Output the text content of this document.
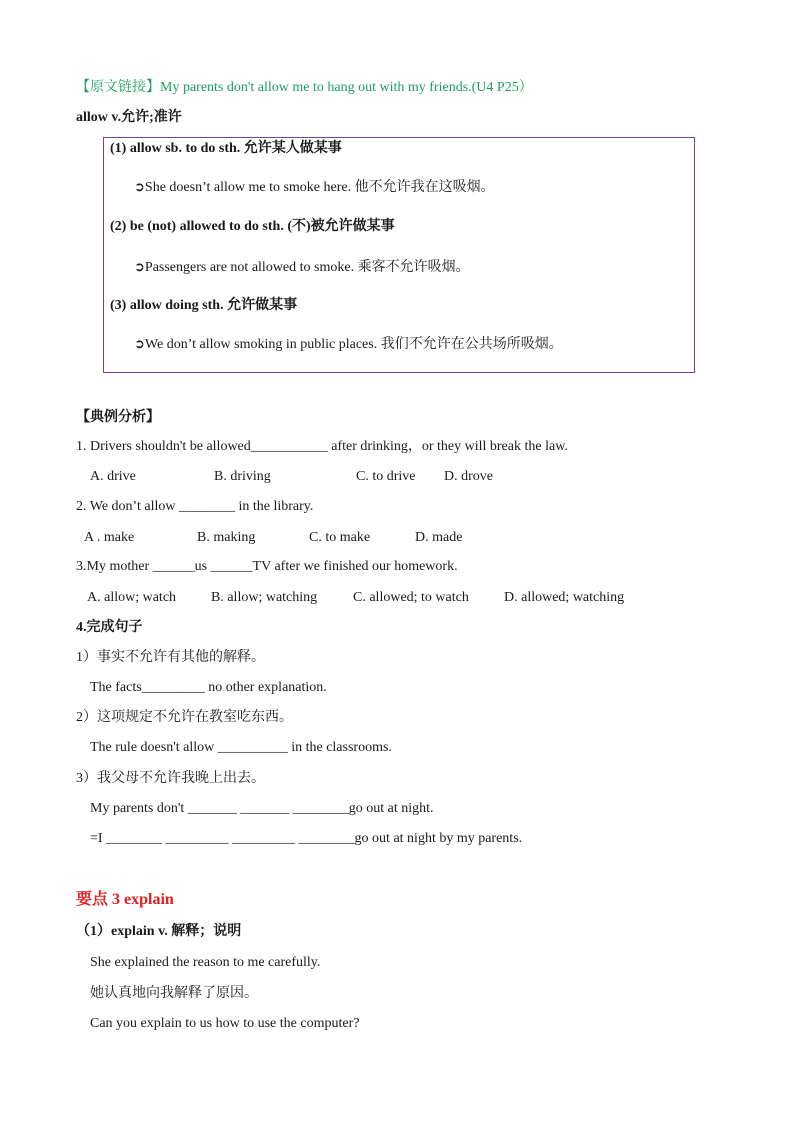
【原文链接】My parents don't allow me to hang out with my friends.(U4 P25）
allow v.允许;准许
(1) allow sb. to do sth. 允许某人做某事
➲She doesn’t allow me to smoke here. 他不允许我在这吸烟。
(2) be (not) allowed to do sth. (不)被允许做某事
➲Passengers are not allowed to smoke. 乘客不允许吸烟。
(3) allow doing sth. 允许做某事
➲We don’t allow smoking in public places. 我们不允许在公共场所吸烟。
【典例分析】
1. Drivers shouldn't be allowed___________ after drinking，or they will break the law.
A. drive	B. driving	C. to drive D. drove
2. We don’t allow ________ in the library.
A . make	B. making	C. to make	D. made
3.My mother ______us ______TV after we finished our homework.
A. allow; watch B. allow; watching	C. allowed; to watch	D. allowed; watching
4.完成句子
1）事实不允许有其他的解释。
The facts_________ no other explanation.
2）这项规定不允许在教室吃东西。
The rule doesn't allow __________ in the classrooms.
3）我父母不允许我晚上出去。
My parents don't _______ _______ ________go out at night.
=I ________ _________ _________ ________go out at night by my parents.
要点 3 explain
（1）explain v. 解释；说明
She explained the reason to me carefully.
她认真地向我解释了原因。
Can you explain to us how to use the computer?
